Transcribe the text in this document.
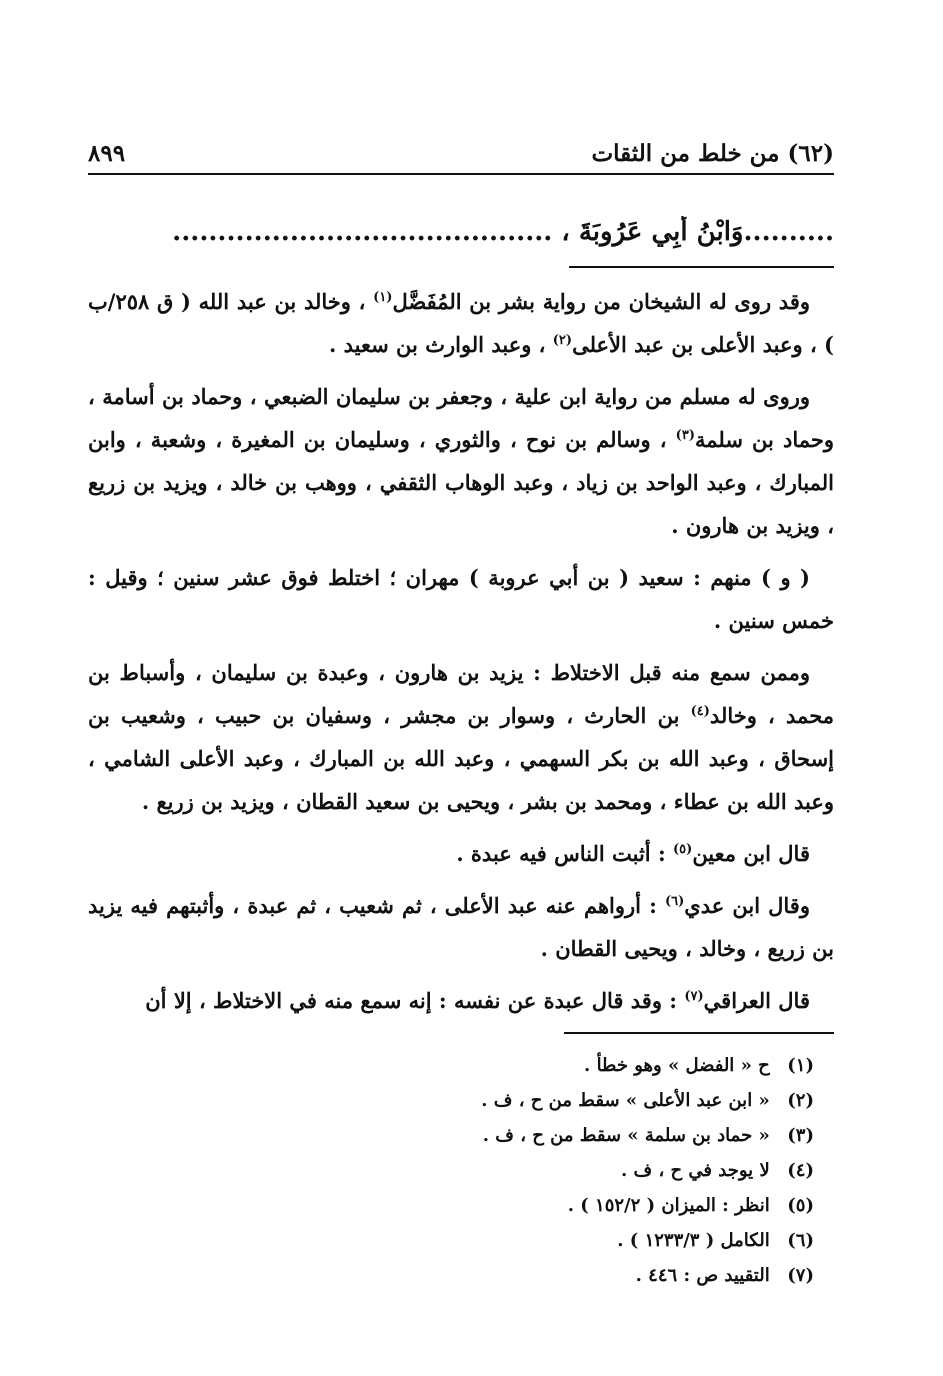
(٦٢) من خلط من الثقات
٨٩٩
..........وَابْنُ أَبِي عَرُوبَةَ ، ..........................................

وقد روى له الشيخان من رواية بشر بن المُفَضَّل$^{(١)}$ ، وخالد بن عبد الله ( ق ٢٥٨/ب ) ، وعبد الأعلى بن عبد الأعلى$^{(٢)}$ ، وعبد الوارث بن سعيد .

وروى له مسلم من رواية ابن علية ، وجعفر بن سليمان الضبعي ، وحماد بن أسامة ، وحماد بن سلمة$^{(٣)}$ ، وسالم بن نوح ، والثوري ، وسليمان بن المغيرة ، وشعبة ، وابن المبارك ، وعبد الواحد بن زياد ، وعبد الوهاب الثقفي ، ووهب بن خالد ، ويزيد بن زريع ، ويزيد بن هارون .

( و ) منهم : سعيد ( بن أبي عروبة ) مهران ؛ اختلط فوق عشر سنين ؛ وقيل : خمس سنين .

وممن سمع منه قبل الاختلاط : يزيد بن هارون ، وعبدة بن سليمان ، وأسباط بن محمد ، وخالد$^{(٤)}$ بن الحارث ، وسوار بن مجشر ، وسفيان بن حبيب ، وشعيب بن إسحاق ، وعبد الله بن بكر السهمي ، وعبد الله بن المبارك ، وعبد الأعلى الشامي ، وعبد الله بن عطاء ، ومحمد بن بشر ، ويحيى بن سعيد القطان ، ويزيد بن زريع .

قال ابن معين$^{(٥)}$ : أثبت الناس فيه عبدة .

وقال ابن عدي$^{(٦)}$ : أرواهم عنه عبد الأعلى ، ثم شعيب ، ثم عبدة ، وأثبتهم فيه يزيد بن زريع ، وخالد ، ويحيى القطان .

قال العراقي$^{(٧)}$ : وقد قال عبدة عن نفسه : إنه سمع منه في الاختلاط ، إلا أن

(١) ح « الفضل » وهو خطأ .
(٢) « ابن عبد الأعلى » سقط من ح ، ف .
(٣) « حماد بن سلمة » سقط من ح ، ف .
(٤) لا يوجد في ح ، ف .
(٥) انظر : الميزان ( ١٥٢/٢ ) .
(٦) الكامل ( ١٢٣٣/٣ ) .
(٧) التقييد ص : ٤٤٦ .
